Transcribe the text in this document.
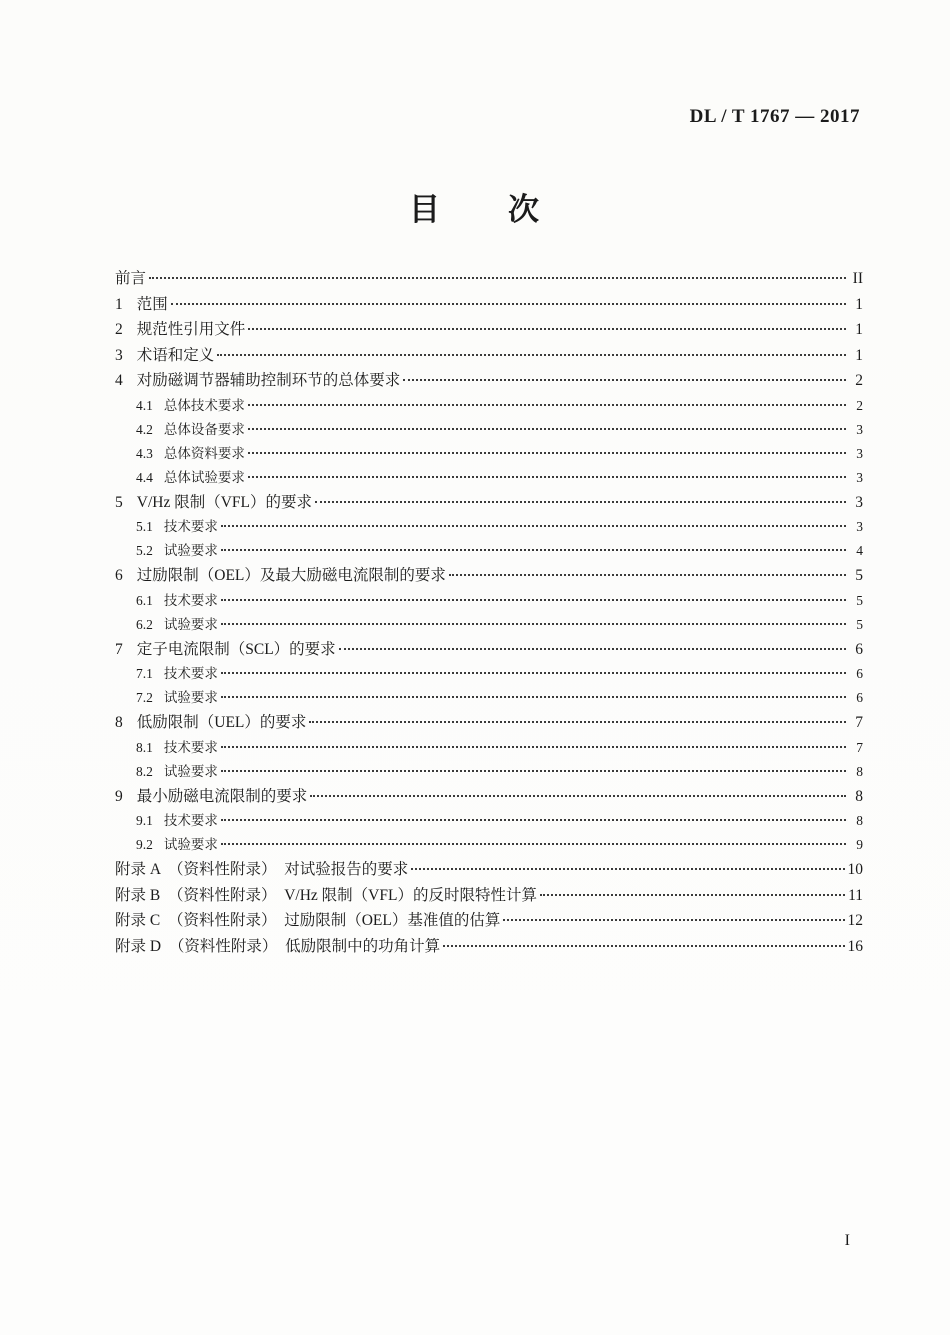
DL / T 1767 — 2017
目　　次
前言	II
1 范围	1
2 规范性引用文件	1
3 术语和定义	1
4 对励磁调节器辅助控制环节的总体要求	2
4.1 总体技术要求	2
4.2 总体设备要求	3
4.3 总体资料要求	3
4.4 总体试验要求	3
5 V/Hz 限制（VFL）的要求	3
5.1 技术要求	3
5.2 试验要求	4
6 过励限制（OEL）及最大励磁电流限制的要求	5
6.1 技术要求	5
6.2 试验要求	5
7 定子电流限制（SCL）的要求	6
7.1 技术要求	6
7.2 试验要求	6
8 低励限制（UEL）的要求	7
8.1 技术要求	7
8.2 试验要求	8
9 最小励磁电流限制的要求	8
9.1 技术要求	8
9.2 试验要求	9
附录 A　（资料性附录）　对试验报告的要求	10
附录 B　（资料性附录）　V/Hz 限制（VFL）的反时限特性计算	11
附录 C　（资料性附录）　过励限制（OEL）基准值的估算	12
附录 D　（资料性附录）　低励限制中的功角计算	16
I
